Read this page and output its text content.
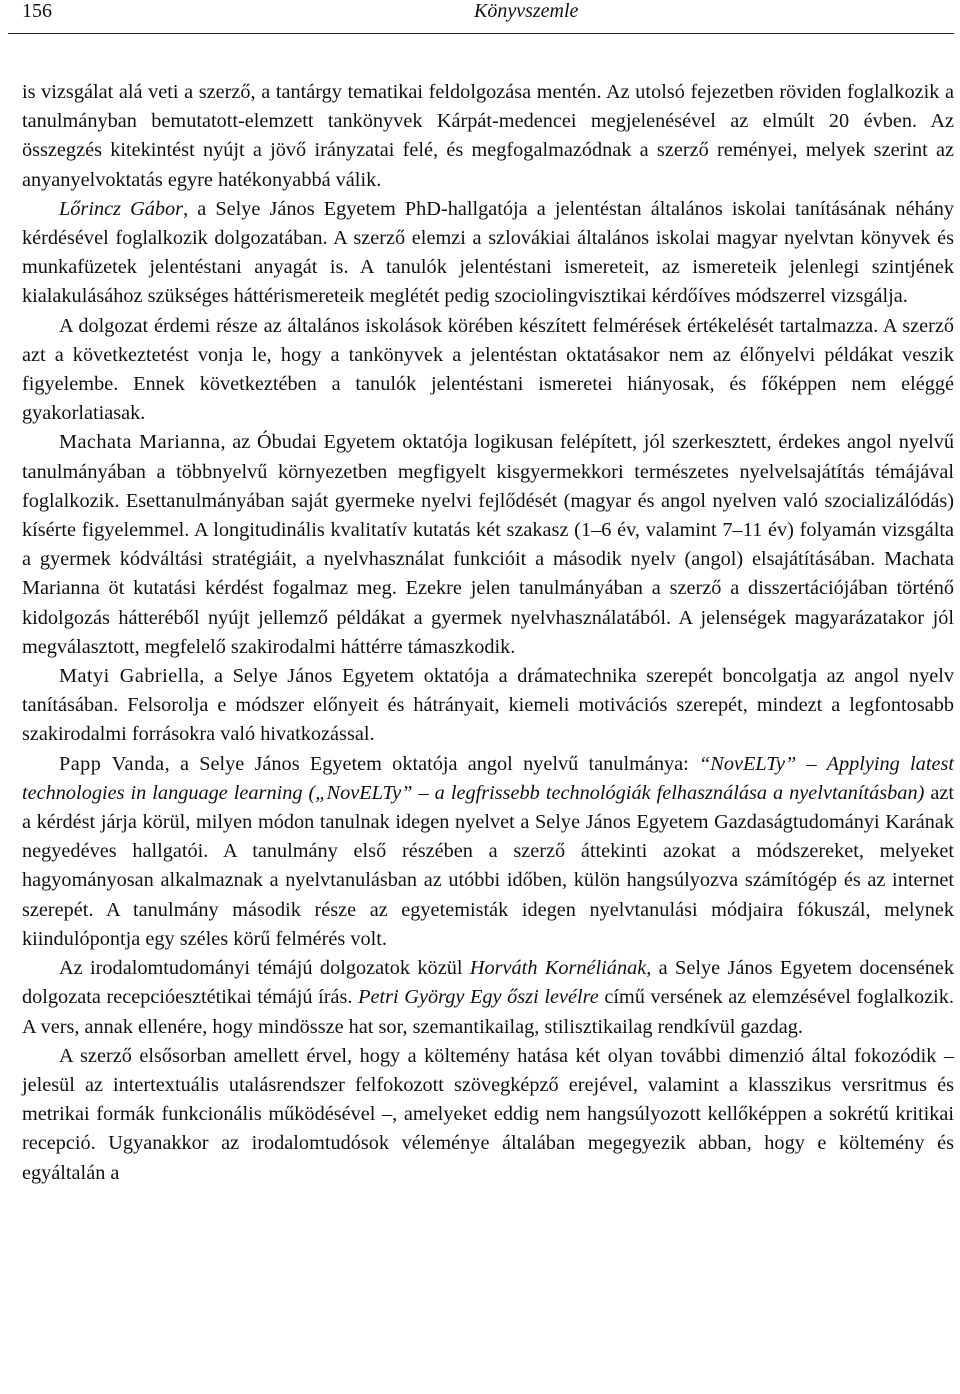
156	Könyvszemle

is vizsgálat alá veti a szerző, a tantárgy tematikai feldolgozása mentén. Az utolsó fejezetben röviden foglalkozik a tanulmányban bemutatott-elemzett tankönyvek Kárpát-medencei megjelenésével az elmúlt 20 évben. Az összegzés kitekintést nyújt a jövő irányzatai felé, és megfogalmazódnak a szerző reményei, melyek szerint az anyanyelvoktatás egyre hatékonyabbá válik.

Lőrincz Gábor, a Selye János Egyetem PhD-hallgatója a jelentéstan általános iskolai tanításának néhány kérdésével foglalkozik dolgozatában. A szerző elemzi a szlovákiai általános iskolai magyar nyelvtan könyvek és munkafüzetek jelentéstani anyagát is. A tanulók jelentéstani ismereteit, az ismereteik jelenlegi szintjének kialakulásához szükséges háttérismereteik meglétét pedig szociolingvisztikai kérdőíves módszerrel vizsgálja.

A dolgozat érdemi része az általános iskolások körében készített felmérések értékelését tartalmazza. A szerző azt a következtetést vonja le, hogy a tankönyvek a jelentéstan oktatásakor nem az élőnyelvi példákat veszik figyelembe. Ennek következtében a tanulók jelentéstani ismeretei hiányosak, és főképpen nem eléggé gyakorlatiasak.

Machata Marianna, az Óbudai Egyetem oktatója logikusan felépített, jól szerkesztett, érdekes angol nyelvű tanulmányában a többnyelvű környezetben megfigyelt kisgyermekkori természetes nyelvelsajátítás témájával foglalkozik. Esettanulmányában saját gyermeke nyelvi fejlődését (magyar és angol nyelven való szocializálódás) kísérte figyelemmel. A longitudinális kvalitatív kutatás két szakasz (1–6 év, valamint 7–11 év) folyamán vizsgálta a gyermek kódváltási stratégiáit, a nyelvhasználat funkcióit a második nyelv (angol) elsajátításában. Machata Marianna öt kutatási kérdést fogalmaz meg. Ezekre jelen tanulmányában a szerző a disszertációjában történő kidolgozás hátteréből nyújt jellemző példákat a gyermek nyelvhasználatából. A jelenségek magyarázatakor jól megválasztott, megfelelő szakirodalmi háttérre támaszkodik.

Matyi Gabriella, a Selye János Egyetem oktatója a drámatechnika szerepét boncolgatja az angol nyelv tanításában. Felsorolja e módszer előnyeit és hátrányait, kiemeli motivációs szerepét, mindezt a legfontosabb szakirodalmi forrásokra való hivatkozással.

Papp Vanda, a Selye János Egyetem oktatója angol nyelvű tanulmánya: “NovELTy” – Applying latest technologies in language learning („NovELTy” – a legfrissebb technológiák felhasználása a nyelvtanításban) azt a kérdést járja körül, milyen módon tanulnak idegen nyelvet a Selye János Egyetem Gazdaságtudományi Karának negyedéves hallgatói. A tanulmány első részében a szerző áttekinti azokat a módszereket, melyeket hagyományosan alkalmaznak a nyelvtanulásban az utóbbi időben, külön hangsúlyozva számítógép és az internet szerepét. A tanulmány második része az egyetemisták idegen nyelvtanulási módjaira fókuszál, melynek kiindulópontja egy széles körű felmérés volt.

Az irodalomtudományi témájú dolgozatok közül Horváth Kornéliának, a Selye János Egyetem docensének dolgozata recepcióesztétikai témájú írás. Petri György Egy őszi levélre című versének az elemzésével foglalkozik. A vers, annak ellenére, hogy mindössze hat sor, szemantikailag, stilisztikailag rendkívül gazdag.

A szerző elsősorban amellett érvel, hogy a költemény hatása két olyan további dimenzió által fokozódik – jelesül az intertextuális utalásrendszer felfokozott szövegképző erejével, valamint a klasszikus versritmus és metrikai formák funkcionális működésével –, amelyeket eddig nem hangsúlyozott kellőképpen a sokrétű kritikai recepció. Ugyanakkor az irodalomtudósok véleménye általában megegyezik abban, hogy e költemény és egyáltalán a
